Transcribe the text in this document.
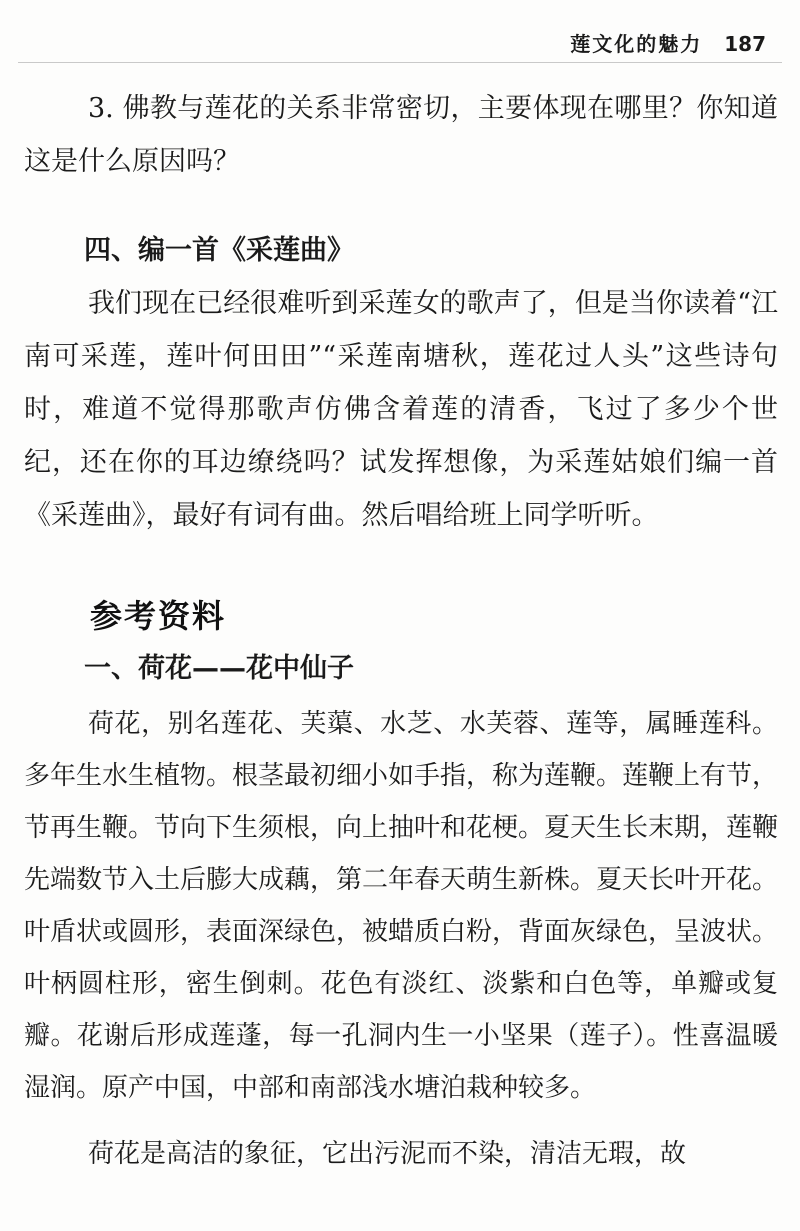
莲文化的魅力 187

3. 佛教与莲花的关系非常密切，主要体现在哪里？你知道这是什么原因吗？

四、编一首《采莲曲》

我们现在已经很难听到采莲女的歌声了，但是当你读着“江南可采莲，莲叶何田田”“采莲南塘秋，莲花过人头”这些诗句时，难道不觉得那歌声仿佛含着莲的清香，飞过了多少个世纪，还在你的耳边缭绕吗？试发挥想像，为采莲姑娘们编一首《采莲曲》，最好有词有曲。然后唱给班上同学听听。

参考资料
一、荷花——花中仙子

荷花，别名莲花、芙蕖、水芝、水芙蓉、莲等，属睡莲科。多年生水生植物。根茎最初细小如手指，称为莲鞭。莲鞭上有节，节再生鞭。节向下生须根，向上抽叶和花梗。夏天生长末期，莲鞭先端数节入土后膨大成藕，第二年春天萌生新株。夏天长叶开花。叶盾状或圆形，表面深绿色，被蜡质白粉，背面灰绿色，呈波状。叶柄圆柱形，密生倒刺。花色有淡红、淡紫和白色等，单瓣或复瓣。花谢后形成莲蓬，每一孔洞内生一小坚果（莲子）。性喜温暖湿润。原产中国，中部和南部浅水塘泊栽种较多。

荷花是高洁的象征，它出污泥而不染，清洁无瑕，故
